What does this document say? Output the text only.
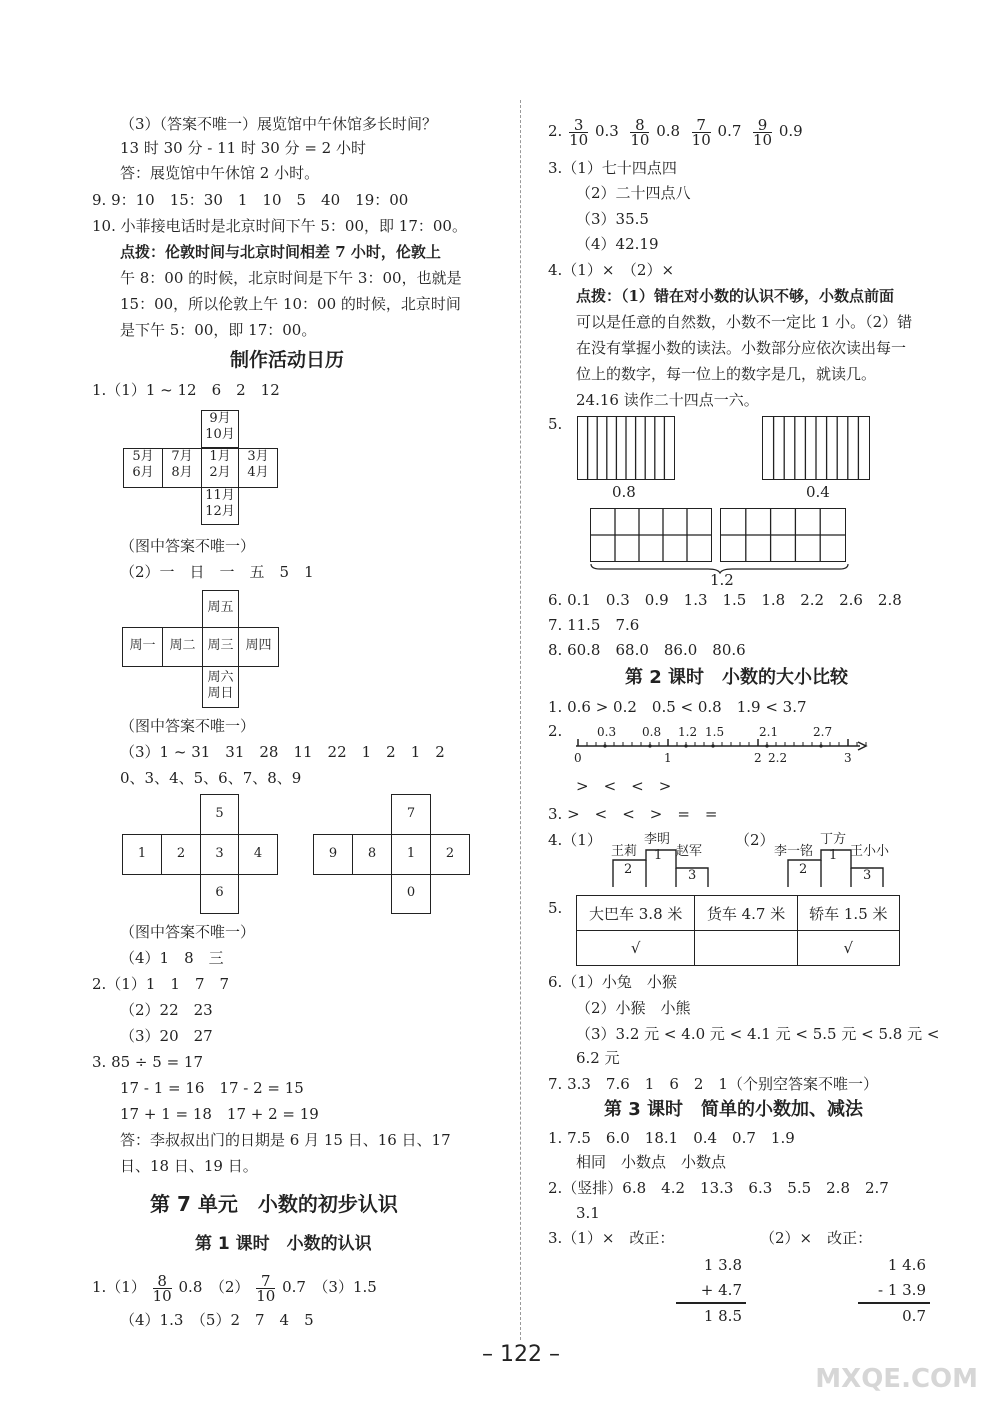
（3）（答案不唯一）展览馆中午休馆多长时间？
13 时 30 分 - 11 时 30 分 = 2 小时
答：展览馆中午休馆 2 小时。
9. 9：10　15：30　1　10　5　40　19：00
10. 小菲接电话时是北京时间下午 5：00，即 17：00。
点拨：伦敦时间与北京时间相差 7 小时，伦敦上
午 8：00 的时候，北京时间是下午 3：00，也就是
15：00，所以伦敦上午 10：00 的时候，北京时间
是下午 5：00，即 17：00。
制作活动日历
1.（1）1 ~ 12　6　2　12
9月
10月
5月
6月
7月
8月
1月
2月
3月
4月
11月
12月
（图中答案不唯一）
（2）一　日　一　五　5　1
周五
周一	周二 周三 周四
周六
周日
（图中答案不唯一）
（3）1 ~ 31　31　28　11　22　1　2　1　2
0、3、4、5、6、7、8、9
5
1	2	3	4
6
7
9	8	1	2
0
（图中答案不唯一）
（4）1　8　三
2.（1）1　1　7　7
（2）22　23
（3）20　27
3. 85 ÷ 5 = 17
17 - 1 = 16　17 - 2 = 15
17 + 1 = 18　17 + 2 = 19
答：李叔叔出门的日期是 6 月 15 日、16 日、17
日、18 日、19 日。
第 7 单元　小数的初步认识
第 1 课时　小数的认识
$1.(1) \frac{8}{10} 0.8$　$(2) \frac{7}{10} 0.7$　（3）1.5
（4）1.3　（5）2　7　4　5
2. $\frac{3}{10} 0.3 \frac{8}{10} 0.8 \frac{7}{10} 0.7 \frac{9}{10} 0.9$
3.（1）七十四点四
（2）二十四点八
（3）35.5
（4）42.19
4.（1）×　（2）×
点拨：（1）错在对小数的认识不够，小数点前面
可以是任意的自然数，小数不一定比 1 小。（2）错
在没有掌握小数的读法。小数部分应依次读出每一
位上的数字，每一位上的数字是几，就读几。
24.16 读作二十四点一六。
5.
0.8	0.4
1.2
6. 0.1　0.3　0.9　1.3　1.5　1.8　2.2　2.6　2.8
7. 11.5　7.6
8. 60.8　68.0　86.0　80.6
第 2 课时　小数的大小比较
1. 0.6 > 0.2　0.5 < 0.8　1.9 < 3.7
2.	0.3 0.8 1.2 1.5	2.1	2.7
0	1	2 2.2	3
>　<　<　>
3. >　<　<　>　=　=
4.（1）
王莉
李明
赵军
1
2	3
（2）
李一铭
丁方
王小小
1
2	3
5. 大巴车 3.8 米	货车 4.7 米	轿车 1.5 米
√		√
6.（1）小兔　小猴
（2）小猴　小熊
（3）3.2 元 < 4.0 元 < 4.1 元 < 5.5 元 < 5.8 元 <
6.2 元
7. 3.3　7.6　1　6　2　1（个别空答案不唯一）
第 3 课时　简单的小数加、减法
1. 7.5　6.0　18.1　0.4　0.7　1.9
相同　小数点　小数点
2.（竖排）6.8　4.2　13.3　6.3　5.5　2.8　2.7
3.1
3.（1）×　改正：	（2）×　改正：
1 3.8
+ 4.7
1 8.5
1 4.6
- 1 3.9
0.7
– 122 –
MXQE.COM
